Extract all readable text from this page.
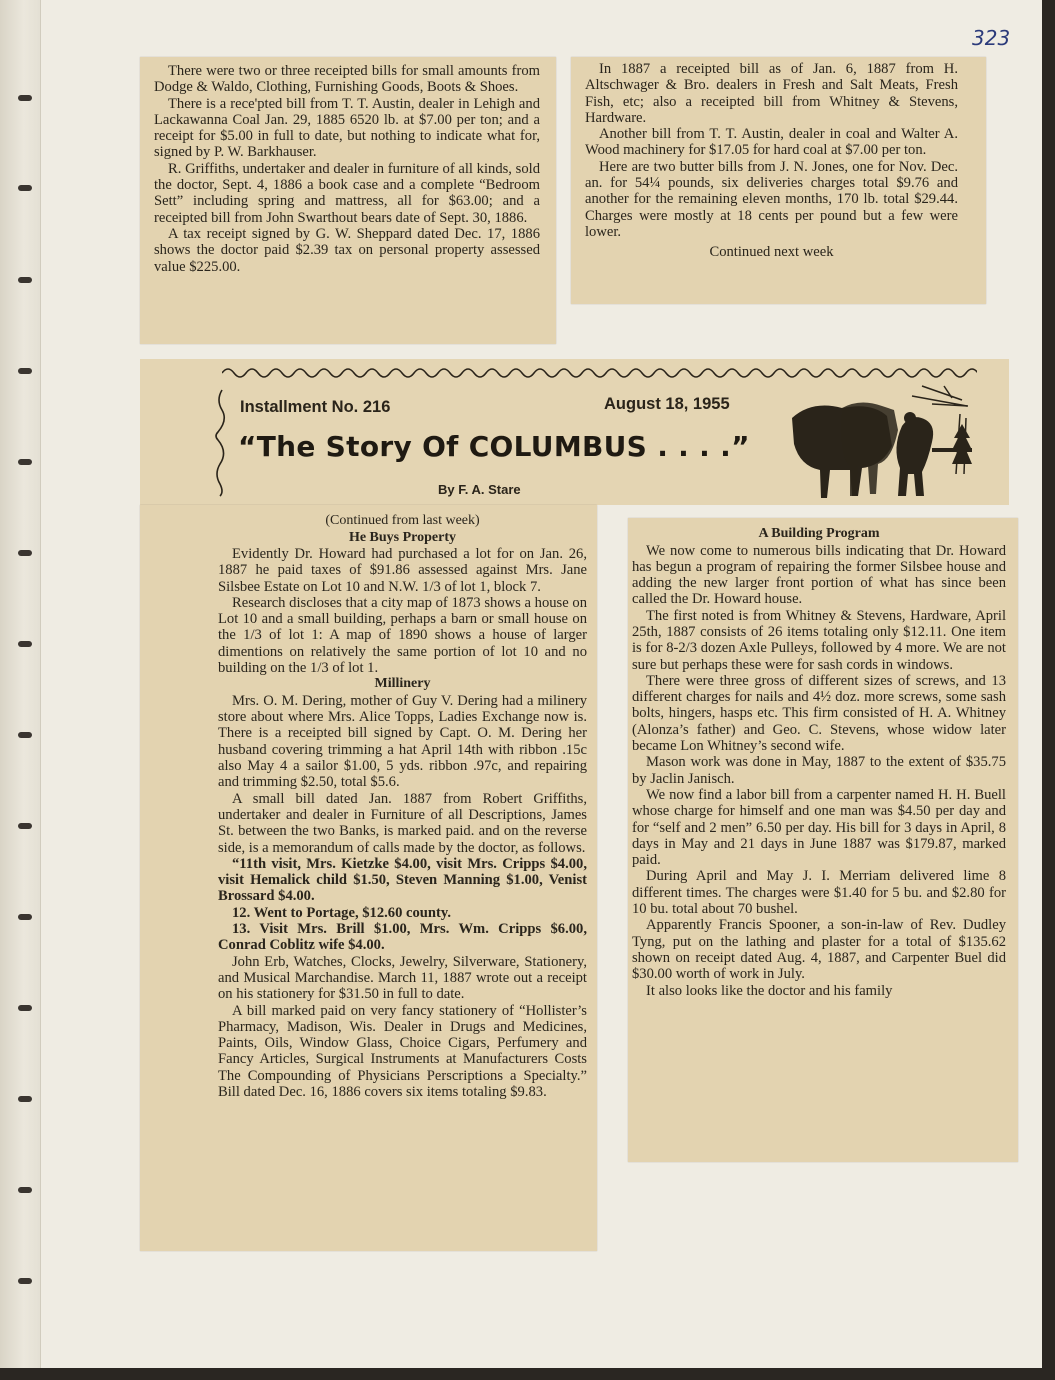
323

There were two or three receipted bills for small amounts from Dodge & Waldo, Clothing, Furnishing Goods, Boots & Shoes.

There is a rece'pted bill from T. T. Austin, dealer in Lehigh and Lackawanna Coal Jan. 29, 1885 6520 lb. at $7.00 per ton; and a receipt for $5.00 in full to date, but nothing to indicate what for, signed by P. W. Barkhauser.

R. Griffiths, undertaker and dealer in furniture of all kinds, sold the doctor, Sept. 4, 1886 a book case and a complete “Bedroom Sett” including spring and mattress, all for $63.00; and a receipted bill from John Swarthout bears date of Sept. 30, 1886.

A tax receipt signed by G. W. Sheppard dated Dec. 17, 1886 shows the doctor paid $2.39 tax on personal property assessed value $225.00.

In 1887 a receipted bill as of Jan. 6, 1887 from H. Altschwager & Bro. dealers in Fresh and Salt Meats, Fresh Fish, etc; also a receipted bill from Whitney & Stevens, Hardware.

Another bill from T. T. Austin, dealer in coal and Walter A. Wood machinery for $17.05 for hard coal at $7.00 per ton.

Here are two butter bills from J. N. Jones, one for Nov. Dec. an. for 54¼ pounds, six deliveries charges total $9.76 and another for the remaining eleven months, 170 lb. total $29.44. Charges were mostly at 18 cents per pound but a few were lower.

Continued next week

Installment No. 216	August 18, 1955
“The Story Of COLUMBUS . . . .”
By F. A. Stare
(Continued from last week)
He Buys Property

Evidently Dr. Howard had purchased a lot for on Jan. 26, 1887 he paid taxes of $91.86 assessed against Mrs. Jane Silsbee Estate on Lot 10 and N.W. 1/3 of lot 1, block 7.

Research discloses that a city map of 1873 shows a house on Lot 10 and a small building, perhaps a barn or small house on the 1/3 of lot 1: A map of 1890 shows a house of larger dimentions on relatively the same portion of lot 10 and no building on the 1/3 of lot 1.

Millinery

Mrs. O. M. Dering, mother of Guy V. Dering had a milinery store about where Mrs. Alice Topps, Ladies Exchange now is. There is a receipted bill signed by Capt. O. M. Dering her husband covering trimming a hat April 14th with ribbon .15c also May 4 a sailor $1.00, 5 yds. ribbon .97c, and repairing and trimming $2.50, total $5.6.

A small bill dated Jan. 1887 from Robert Griffiths, undertaker and dealer in Furniture of all Descriptions, James St. between the two Banks, is marked paid. and on the reverse side, is a memorandum of calls made by the doctor, as follows.

“11th visit, Mrs. Kietzke $4.00, visit Mrs. Cripps $4.00, visit Hemalick child $1.50, Steven Manning $1.00, Venist Brossard $4.00.

12. Went to Portage, $12.60 county.

13. Visit Mrs. Brill $1.00, Mrs. Wm. Cripps $6.00, Conrad Coblitz wife $4.00.

John Erb, Watches, Clocks, Jewelry, Silverware, Stationery, and Musical Marchandise. March 11, 1887 wrote out a receipt on his stationery for $31.50 in full to date.

A bill marked paid on very fancy stationery of “Hollister’s Pharmacy, Madison, Wis. Dealer in Drugs and Medicines, Paints, Oils, Window Glass, Choice Cigars, Perfumery and Fancy Articles, Surgical Instruments at Manufacturers Costs The Compounding of Physicians Perscriptions a Specialty.” Bill dated Dec. 16, 1886 covers six items totaling $9.83.

A Building Program

We now come to numerous bills indicating that Dr. Howard has begun a program of repairing the former Silsbee house and adding the new larger front portion of what has since been called the Dr. Howard house.

The first noted is from Whitney & Stevens, Hardware, April 25th, 1887 consists of 26 items totaling only $12.11. One item is for 8-2/3 dozen Axle Pulleys, followed by 4 more. We are not sure but perhaps these were for sash cords in windows.

There were three gross of different sizes of screws, and 13 different charges for nails and 4½ doz. more screws, some sash bolts, hingers, hasps etc. This firm consisted of H. A. Whitney (Alonza’s father) and Geo. C. Stevens, whose widow later became Lon Whitney’s second wife.

Mason work was done in May, 1887 to the extent of $35.75 by Jaclin Janisch.

We now find a labor bill from a carpenter named H. H. Buell whose charge for himself and one man was $4.50 per day and for “self and 2 men” 6.50 per day. His bill for 3 days in April, 8 days in May and 21 days in June 1887 was $179.87, marked paid.

During April and May J. I. Merriam delivered lime 8 different times. The charges were $1.40 for 5 bu. and $2.80 for 10 bu. total about 70 bushel.

Apparently Francis Spooner, a son-in-law of Rev. Dudley Tyng, put on the lathing and plaster for a total of $135.62 shown on receipt dated Aug. 4, 1887, and Carpenter Buel did $30.00 worth of work in July.

It also looks like the doctor and his family
